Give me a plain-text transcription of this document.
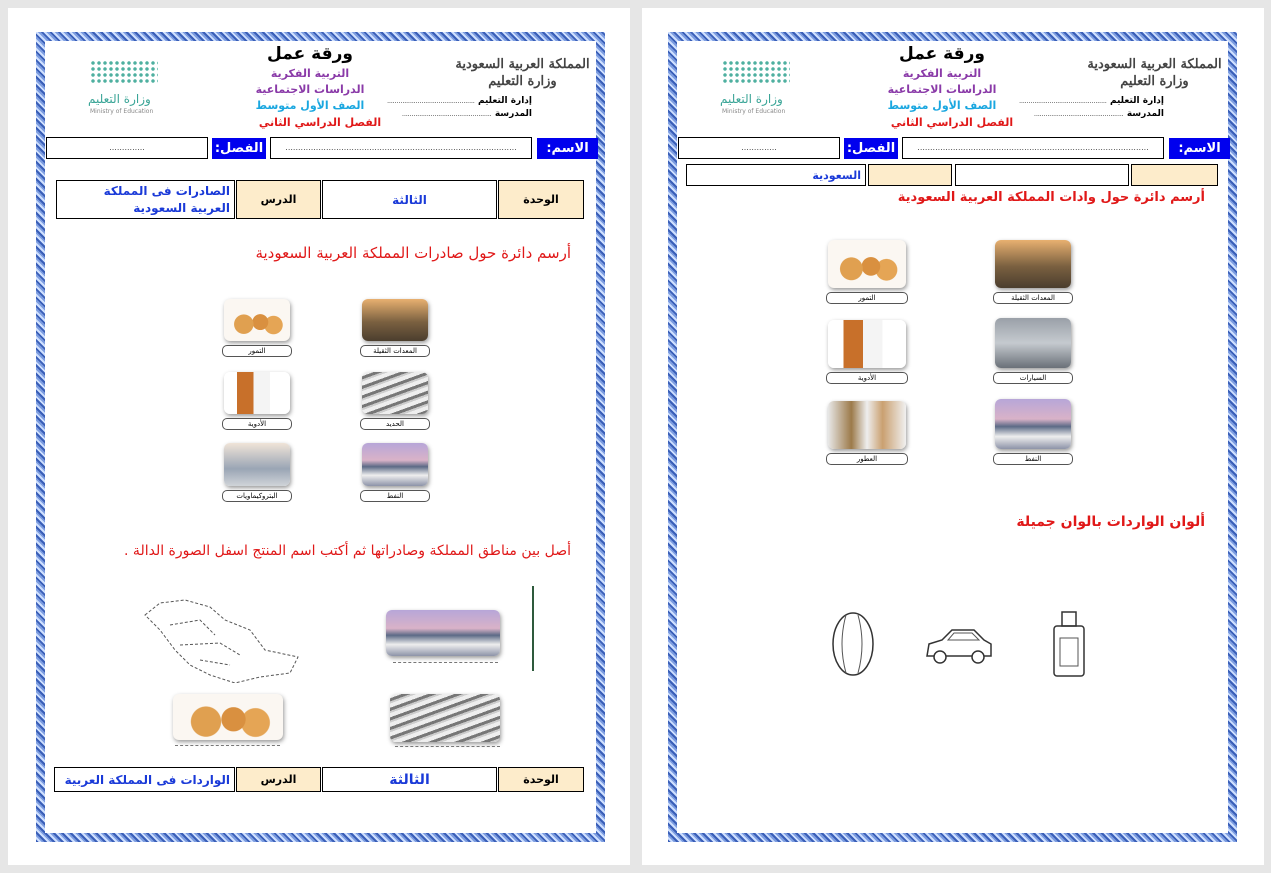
المملكة العربية السعودية وزارة التعليم
إدارة التعليم ..............................................
المدرسة ...............................................
وزارة التعليم
Ministry of Education
ورقة عمل
التربية الفكرية
الدراسات الاجتماعية
الصف الأول متوسط
الفصل الدراسي الثاني
الاسم:
...........................................................................................
الفصل:
..............
المملكة العربية السعودية وزارة التعليم
إدارة التعليم ..............................................
المدرسة ...............................................
وزارة التعليم
Ministry of Education
ورقة عمل
التربية الفكرية
الدراسات الاجتماعية
الصف الأول متوسط
الفصل الدراسي الثاني
الاسم:
...........................................................................................
الفصل:
..............
الوحدة
الثالثة
الدرس
الصادرات فى المملكة العربية السعودية
أرسم دائرة حول صادرات المملكة العربية السعودية
المعدات الثقيلة
التمور
الحديد
الأدوية
النفط
البتروكيماويات
أصل بين مناطق المملكة وصادراتها ثم أكتب اسم المنتج اسفل الصورة الدالة .
الوحدة
الثالثة
الدرس
الواردات فى المملكة العربية
السعودية
أرسم دائرة حول وادات المملكة العربية السعودية
المعدات الثقيلة
التمور
السيارات
الأدوية
النفط
العطور
ألوان الواردات بالوان جميلة
